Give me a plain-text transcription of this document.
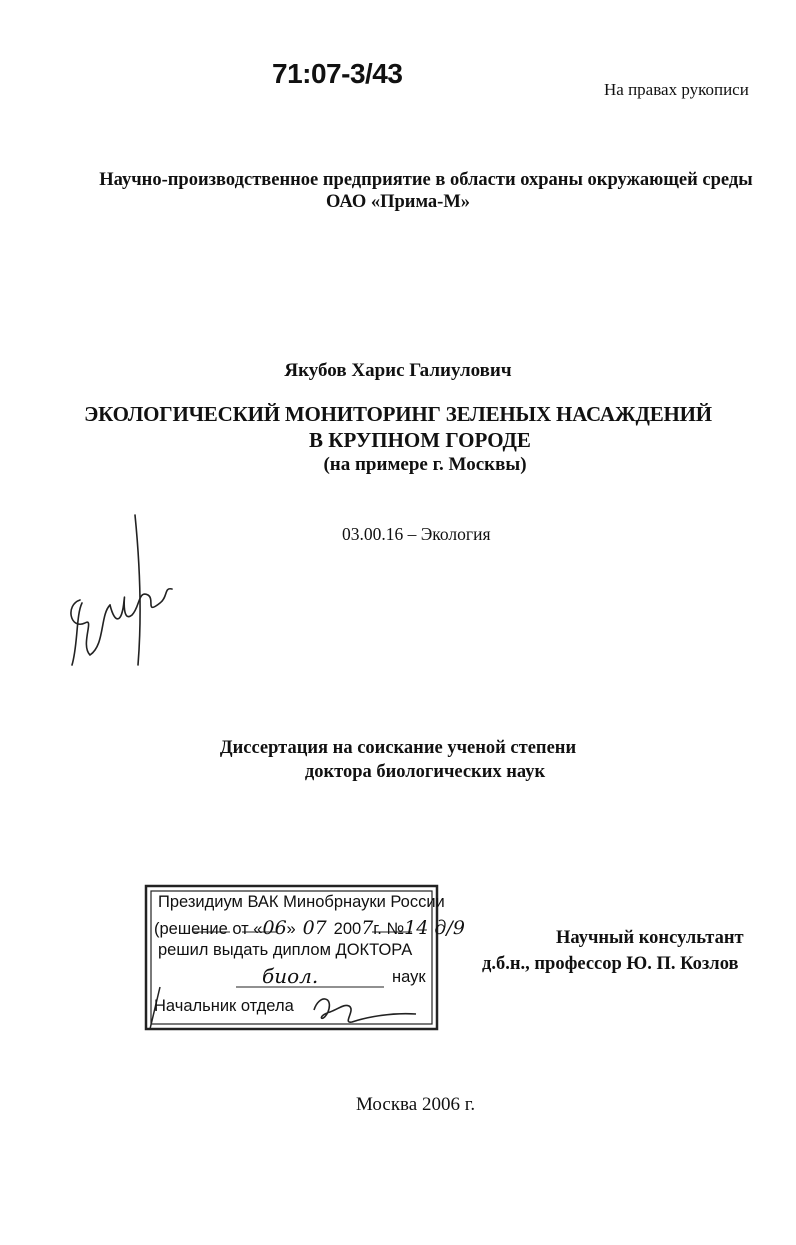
71:07-3/43
На правах рукописи
Научно-производственное предприятие в области охраны окружающей среды
ОАО «Прима-М»
Якубов Харис Галиулович
ЭКОЛОГИЧЕСКИЙ МОНИТОРИНГ ЗЕЛЕНЫХ НАСАЖДЕНИЙ
В КРУПНОМ ГОРОДЕ
(на примере г. Москвы)
03.00.16 – Экология
Диссертация на соискание ученой степени
доктора биологических наук
Президиум ВАК Минобрнауки России
(решение от «06» 07 2007г. №14 д/9
решил выдать диплом ДОКТОРА
биол.	наук
Начальник отдела
Научный консультант
д.б.н., профессор Ю. П. Козлов
Москва 2006 г.
